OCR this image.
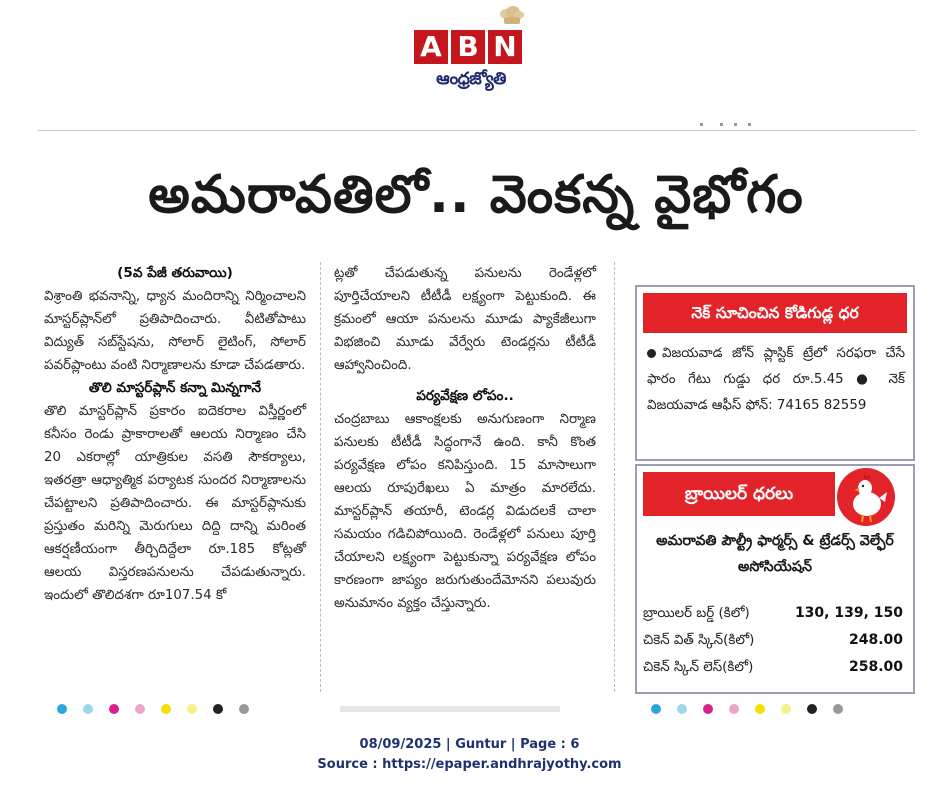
A B N
ఆంధ్రజ్యోతి
అమరావతిలో.. వెంకన్న వైభోగం

(5వ పేజీ తరువాయి)

విశ్రాంతి భవనాన్ని, ధ్యాన మందిరాన్ని నిర్మించాలని మాస్టర్‌ప్లాన్‌లో ప్రతిపాదించారు. వీటితోపాటు విద్యుత్‌ సబ్‌స్టేషను, సోలార్‌ లైటింగ్‌, సోలార్‌ పవర్‌ప్లాంటు వంటి నిర్మాణాలను కూడా చేపడతారు.

తొలి మాస్టర్‌ప్లాన్‌ కన్నా మిన్నగానే

తొలి మాస్టర్‌ప్లాన్‌ ప్రకారం ఐదెకరాల విస్తీర్ణంలో కనీసం రెండు ప్రాకారాలతో ఆలయ నిర్మాణం చేసి 20 ఎకరాల్లో యాత్రికుల వసతి సౌకర్యాలు, ఇతరత్రా ఆధ్యాత్మిక పర్యాటక సుందర నిర్మాణాలను చేపట్టాలని ప్రతిపాదించారు. ఈ మాస్టర్‌ప్లానుకు ప్రస్తుతం మరిన్ని మెరుగులు దిద్ది దాన్ని మరింత ఆకర్షణీయంగా తీర్చిదిద్దేలా రూ.185 కోట్లతో ఆలయ విస్తరణపనులను చేపడుతున్నారు. ఇందులో తొలిదశగా రూ107.54 కో

ట్లతో చేపడుతున్న పనులను రెండేళ్లలో పూర్తిచేయాలని టీటీడీ లక్ష్యంగా పెట్టుకుంది. ఈ క్రమంలో ఆయా పనులను మూడు ప్యాకేజీలుగా విభజించి మూడు వేర్వేరు టెండర్లను టీటీడీ ఆహ్వానించింది.

పర్యవేక్షణ లోపం..

చంద్రబాబు ఆకాంక్షలకు అనుగుణంగా నిర్మాణ పనులకు టీటీడీ సిద్ధంగానే ఉంది. కానీ కొంత పర్యవేక్షణ లోపం కనిపిస్తుంది. 15 మాసాలుగా ఆలయ రూపురేఖలు ఏ మాత్రం మారలేదు. మాస్టర్‌ప్లాన్‌ తయారీ, టెండర్ల విడుదలకే చాలా సమయం గడిచిపోయింది. రెండేళ్లలో పనులు పూర్తి చేయాలని లక్ష్యంగా పెట్టుకున్నా పర్యవేక్షణ లోపం కారణంగా జాప్యం జరుగుతుందేమోనని పలువురు అనుమానం వ్యక్తం చేస్తున్నారు.

నెక్‌ సూచించిన కోడిగుడ్ల ధర
విజయవాడ జోన్‌ ప్లాస్టిక్‌ ట్రేలో సరఫరా చేసే ఫారం గేటు గుడ్డు ధర రూ.5.45 ● నెక్‌ విజయవాడ ఆఫీస్‌ ఫోన్‌: 74165 82559
బ్రాయిలర్‌ ధరలు
అమరావతి పౌల్ట్రీ ఫార్మర్స్‌ & ట్రేడర్స్‌ వెల్ఫేర్‌ అసోసియేషన్‌
బ్రాయిలర్‌ బర్డ్‌ (కిలో)	130, 139, 150
చికెన్‌ విత్‌ స్కిన్‌(కిలో)	248.00
చికెన్‌ స్కిన్‌ లెస్‌(కిలో)	258.00
08/09/2025 | Guntur | Page : 6
Source : https://epaper.andhrajyothy.com
